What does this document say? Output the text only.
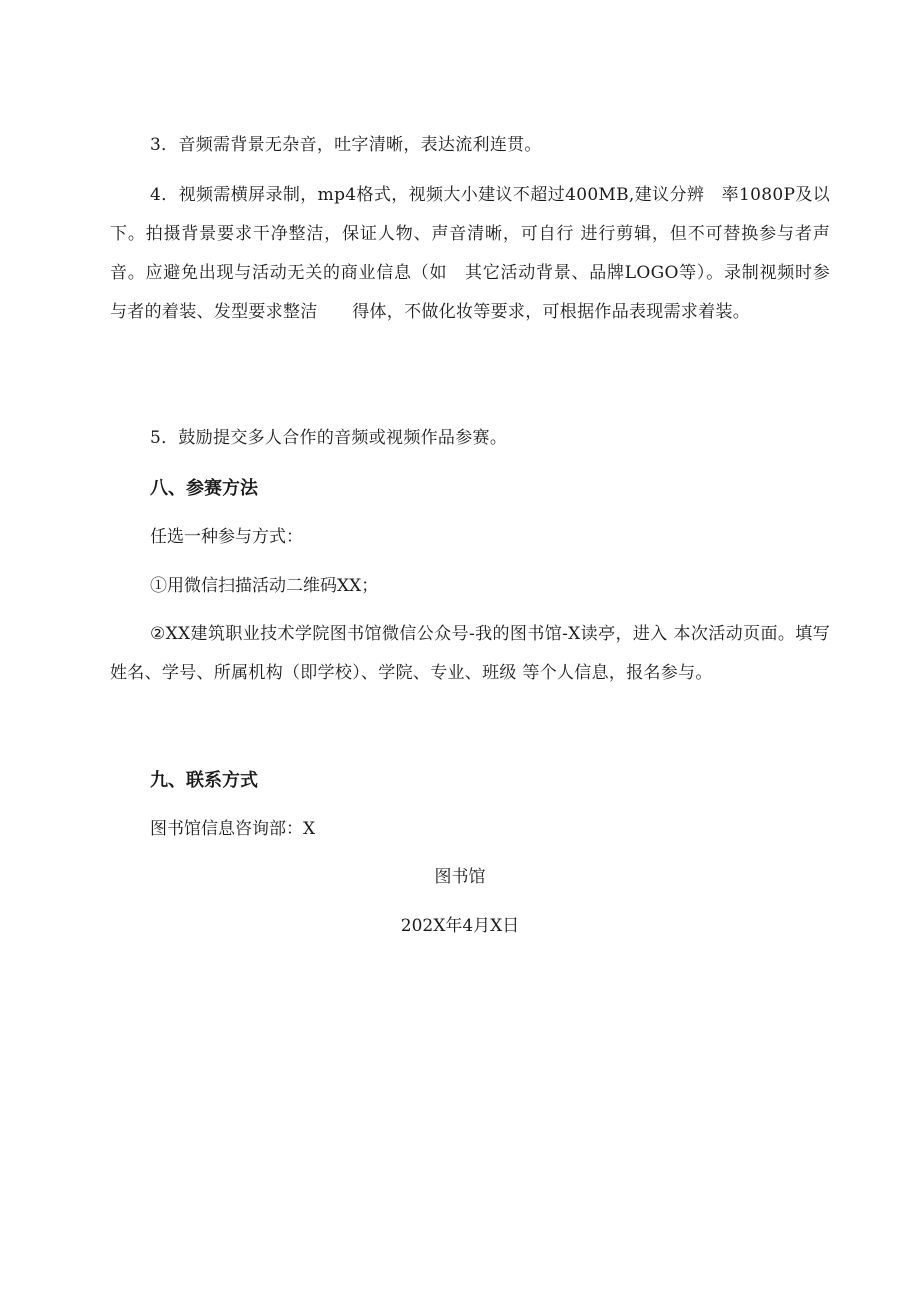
3．音频需背景无杂音，吐字清晰，表达流利连贯。

4．视频需横屏录制，mp4格式，视频大小建议不超过400MB,建议分辨　率1080P及以下。拍摄背景要求干净整洁，保证人物、声音清晰，可自行 进行剪辑，但不可替换参与者声音。应避免出现与活动无关的商业信息（如　其它活动背景、品牌LOGO等）。录制视频时参与者的着装、发型要求整洁　　得体，不做化妆等要求，可根据作品表现需求着装。

5．鼓励提交多人合作的音频或视频作品参赛。

八、参赛方法

任选一种参与方式：

①用微信扫描活动二维码XX；

②XX建筑职业技术学院图书馆微信公众号-我的图书馆-X读亭，进入 本次活动页面。填写姓名、学号、所属机构（即学校）、学院、专业、班级 等个人信息，报名参与。

九、联系方式

图书馆信息咨询部：X

图书馆

202X年4月X日
